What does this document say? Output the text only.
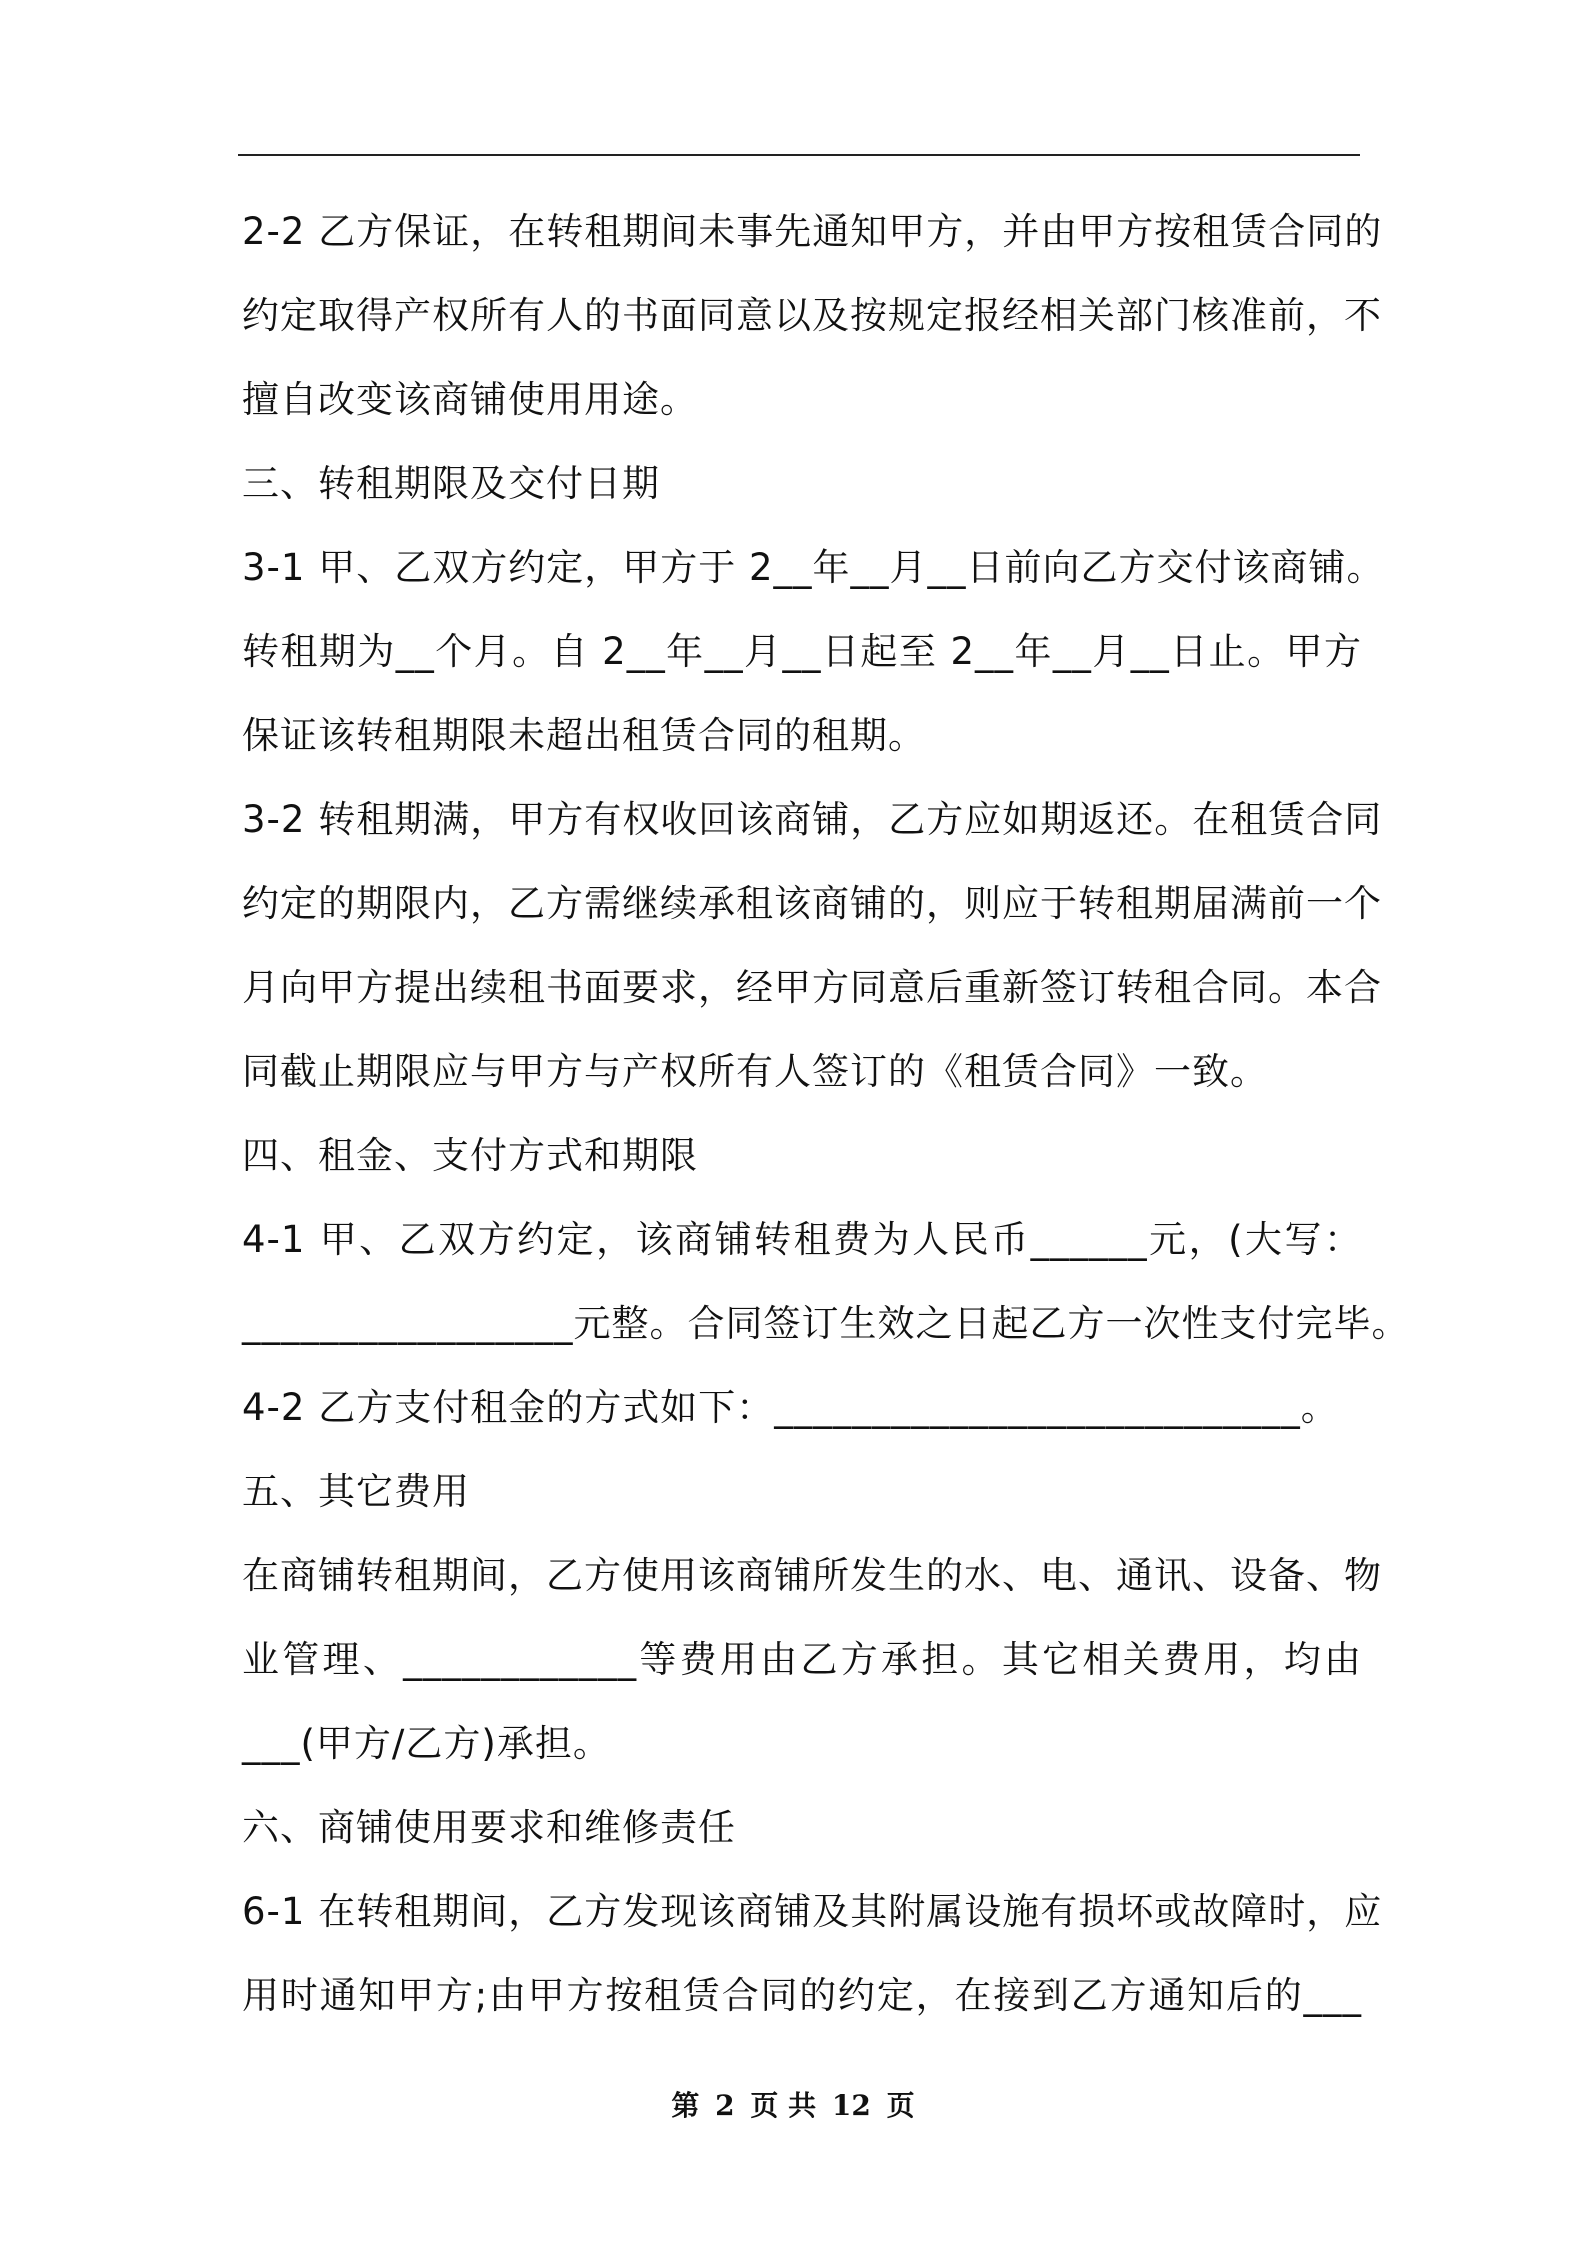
2-2 乙方保证，在转租期间未事先通知甲方，并由甲方按租赁合同的
约定取得产权所有人的书面同意以及按规定报经相关部门核准前，不
擅自改变该商铺使用用途。
三、转租期限及交付日期
3-1 甲、乙双方约定，甲方于 2__年__月__日前向乙方交付该商铺。
转租期为__个月。自 2__年__月__日起至 2__年__月__日止。甲方
保证该转租期限未超出租赁合同的租期。
3-2 转租期满，甲方有权收回该商铺，乙方应如期返还。在租赁合同
约定的期限内，乙方需继续承租该商铺的，则应于转租期届满前一个
月向甲方提出续租书面要求，经甲方同意后重新签订转租合同。本合
同截止期限应与甲方与产权所有人签订的《租赁合同》一致。
四、租金、支付方式和期限
4-1 甲、乙双方约定，该商铺转租费为人民币______元，(大写：
_________________元整。合同签订生效之日起乙方一次性支付完毕。
4-2 乙方支付租金的方式如下：___________________________。
五、其它费用
在商铺转租期间，乙方使用该商铺所发生的水、电、通讯、设备、物
业管理、____________等费用由乙方承担。其它相关费用，均由
___(甲方/乙方)承担。
六、商铺使用要求和维修责任
6-1 在转租期间，乙方发现该商铺及其附属设施有损坏或故障时，应
用时通知甲方;由甲方按租赁合同的约定，在接到乙方通知后的___
第 2 页 共 12 页
